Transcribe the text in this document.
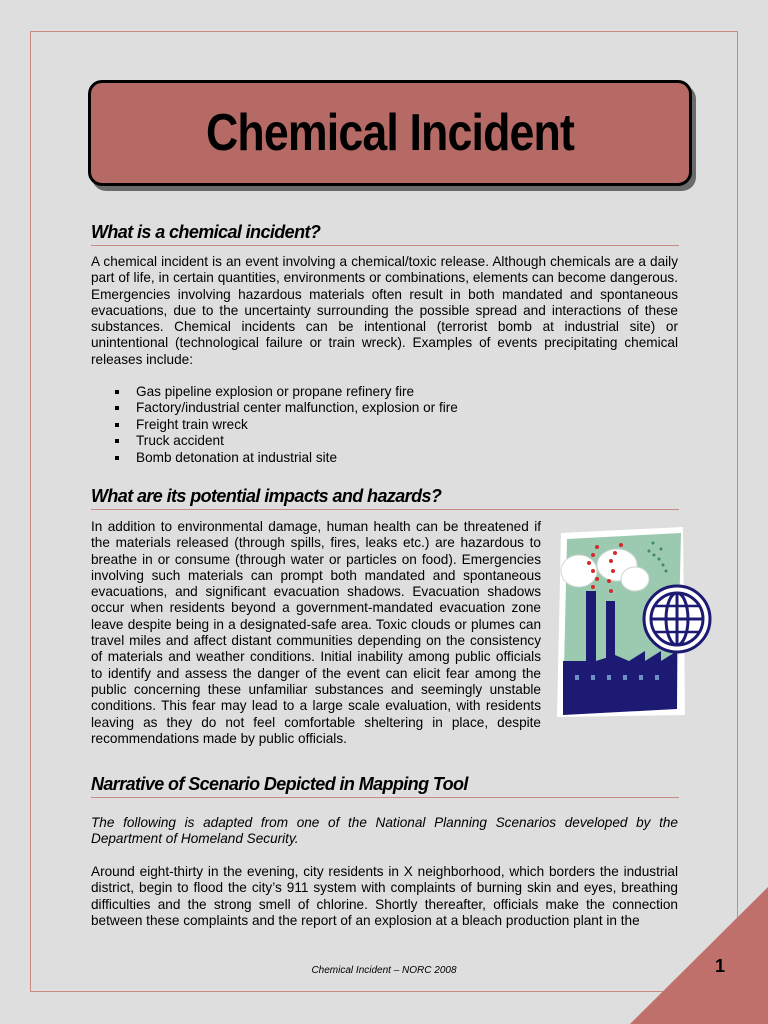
Chemical Incident
What is a chemical incident?

A chemical incident is an event involving a chemical/toxic release. Although chemicals are a daily part of life, in certain quantities, environments or combinations, elements can become dangerous. Emergencies involving hazardous materials often result in both mandated and spontaneous evacuations, due to the uncertainty surrounding the possible spread and interactions of these substances. Chemical incidents can be intentional (terrorist bomb at industrial site) or unintentional (technological failure or train wreck). Examples of events precipitating chemical releases include:

Gas pipeline explosion or propane refinery fire
Factory/industrial center malfunction, explosion or fire
Freight train wreck
Truck accident
Bomb detonation at industrial site
What are its potential impacts and hazards?

In addition to environmental damage, human health can be threatened if the materials released (through spills, fires, leaks etc.) are hazardous to breathe in or consume (through water or particles on food). Emergencies involving such materials can prompt both mandated and spontaneous evacuations, and significant evacuation shadows. Evacuation shadows occur when residents beyond a government-mandated evacuation zone leave despite being in a designated-safe area. Toxic clouds or plumes can travel miles and affect distant communities depending on the consistency of materials and weather conditions. Initial inability among public officials to identify and assess the danger of the event can elicit fear among the public concerning these unfamiliar substances and seemingly unstable conditions. This fear may lead to a large scale evaluation, with residents leaving as they do not feel comfortable sheltering in place, despite recommendations made by public officials.

Narrative of Scenario Depicted in Mapping Tool

The following is adapted from one of the National Planning Scenarios developed by the Department of Homeland Security.

Around eight-thirty in the evening, city residents in X neighborhood, which borders the industrial district, begin to flood the city’s 911 system with complaints of burning skin and eyes, breathing difficulties and the strong smell of chlorine. Shortly thereafter, officials make the connection between these complaints and the report of an explosion at a bleach production plant in the

Chemical Incident – NORC 2008	1
